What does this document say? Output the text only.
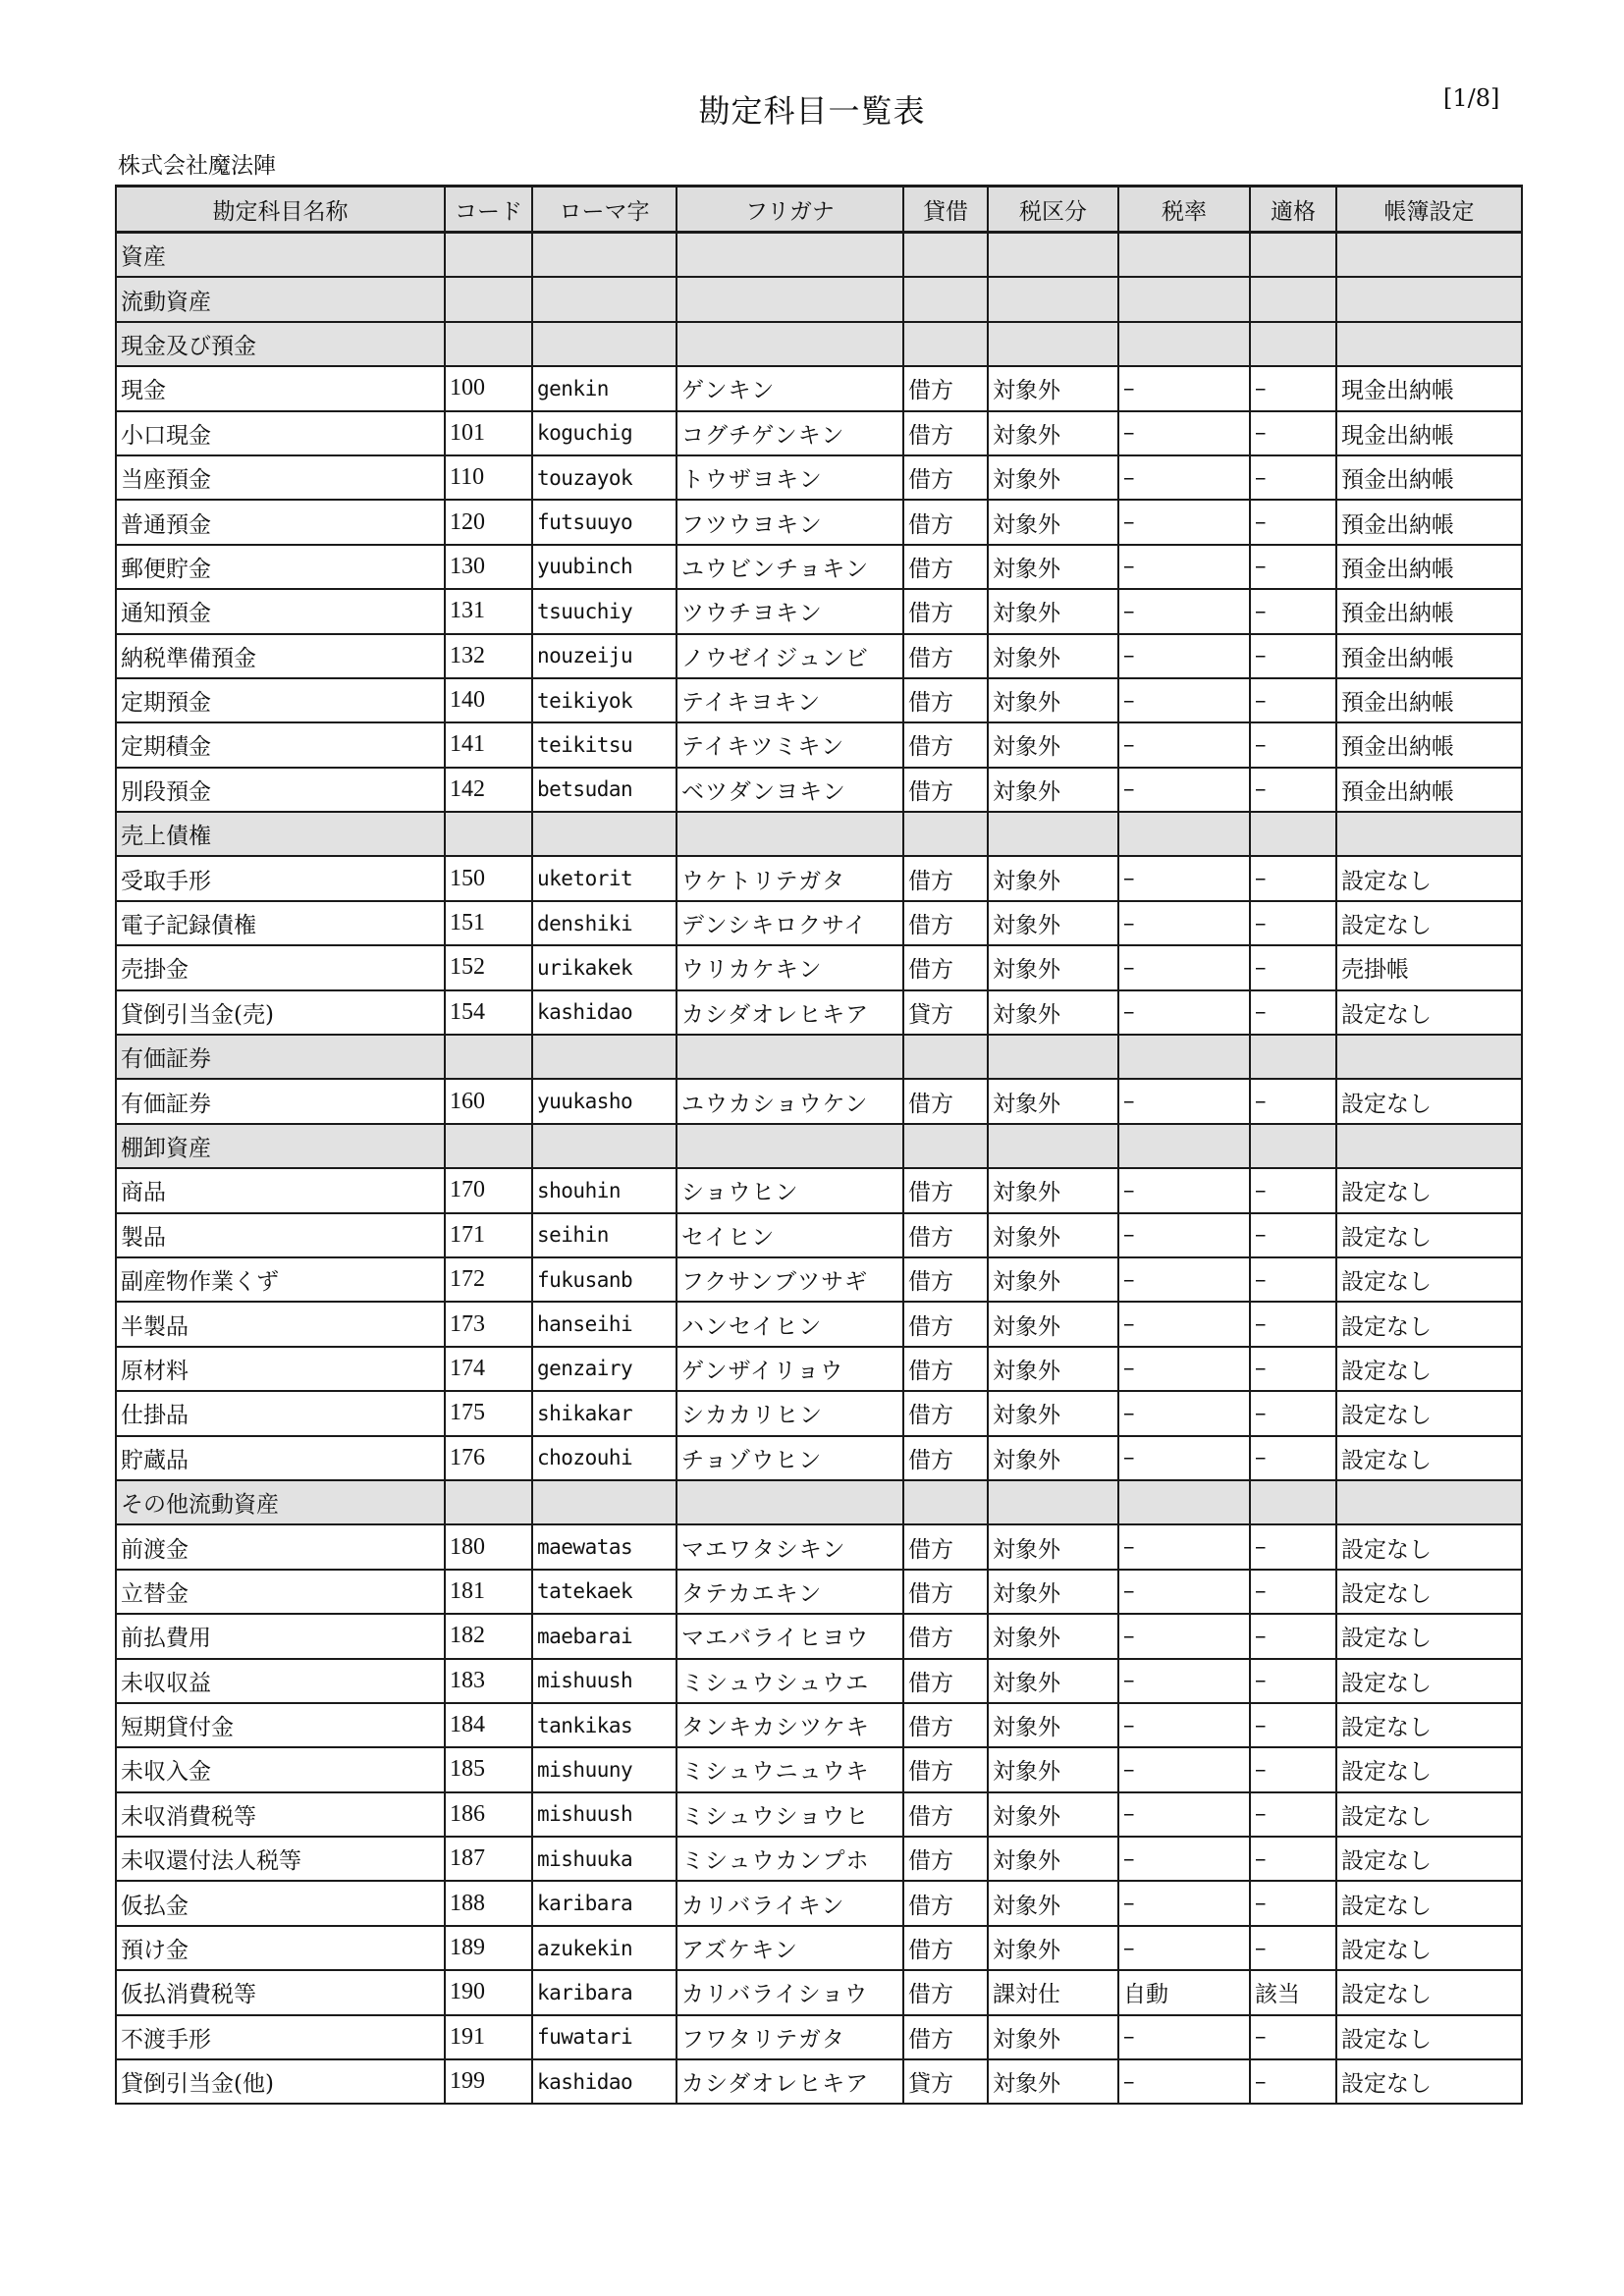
勘定科目一覧表	[1/8]
株式会社魔法陣
勘定科目名称	コード	ローマ字	フリガナ	貸借	税区分	税率	適格	帳簿設定
資産								
流動資産								
現金及び預金								
現金	100	genkin	ゲンキン	借方	対象外	–	–	現金出納帳
小口現金	101	koguchig	コグチゲンキン	借方	対象外	–	–	現金出納帳
当座預金	110	touzayok	トウザヨキン	借方	対象外	–	–	預金出納帳
普通預金	120	futsuuyo	フツウヨキン	借方	対象外	–	–	預金出納帳
郵便貯金	130	yuubinch	ユウビンチョキン	借方	対象外	–	–	預金出納帳
通知預金	131	tsuuchiy	ツウチヨキン	借方	対象外	–	–	預金出納帳
納税準備預金	132	nouzeiju	ノウゼイジュンビ	借方	対象外	–	–	預金出納帳
定期預金	140	teikiyok	テイキヨキン	借方	対象外	–	–	預金出納帳
定期積金	141	teikitsu	テイキツミキン	借方	対象外	–	–	預金出納帳
別段預金	142	betsudan	ベツダンヨキン	借方	対象外	–	–	預金出納帳
売上債権								
受取手形	150	uketorit	ウケトリテガタ	借方	対象外	–	–	設定なし
電子記録債権	151	denshiki	デンシキロクサイ	借方	対象外	–	–	設定なし
売掛金	152	urikakek	ウリカケキン	借方	対象外	–	–	売掛帳
貸倒引当金(売)	154	kashidao	カシダオレヒキア	貸方	対象外	–	–	設定なし
有価証券								
有価証券	160	yuukasho	ユウカショウケン	借方	対象外	–	–	設定なし
棚卸資産								
商品	170	shouhin	ショウヒン	借方	対象外	–	–	設定なし
製品	171	seihin	セイヒン	借方	対象外	–	–	設定なし
副産物作業くず	172	fukusanb	フクサンブツサギ	借方	対象外	–	–	設定なし
半製品	173	hanseihi	ハンセイヒン	借方	対象外	–	–	設定なし
原材料	174	genzairy	ゲンザイリョウ	借方	対象外	–	–	設定なし
仕掛品	175	shikakar	シカカリヒン	借方	対象外	–	–	設定なし
貯蔵品	176	chozouhi	チョゾウヒン	借方	対象外	–	–	設定なし
その他流動資産								
前渡金	180	maewatas	マエワタシキン	借方	対象外	–	–	設定なし
立替金	181	tatekaek	タテカエキン	借方	対象外	–	–	設定なし
前払費用	182	maebarai	マエバライヒヨウ	借方	対象外	–	–	設定なし
未収収益	183	mishuush	ミシュウシュウエ	借方	対象外	–	–	設定なし
短期貸付金	184	tankikas	タンキカシツケキ	借方	対象外	–	–	設定なし
未収入金	185	mishuuny	ミシュウニュウキ	借方	対象外	–	–	設定なし
未収消費税等	186	mishuush	ミシュウショウヒ	借方	対象外	–	–	設定なし
未収還付法人税等	187	mishuuka	ミシュウカンプホ	借方	対象外	–	–	設定なし
仮払金	188	karibara	カリバライキン	借方	対象外	–	–	設定なし
預け金	189	azukekin	アズケキン	借方	対象外	–	–	設定なし
仮払消費税等	190	karibara	カリバライショウ	借方	課対仕	自動	該当	設定なし
不渡手形	191	fuwatari	フワタリテガタ	借方	対象外	–	–	設定なし
貸倒引当金(他)	199	kashidao	カシダオレヒキア	貸方	対象外	–	–	設定なし
